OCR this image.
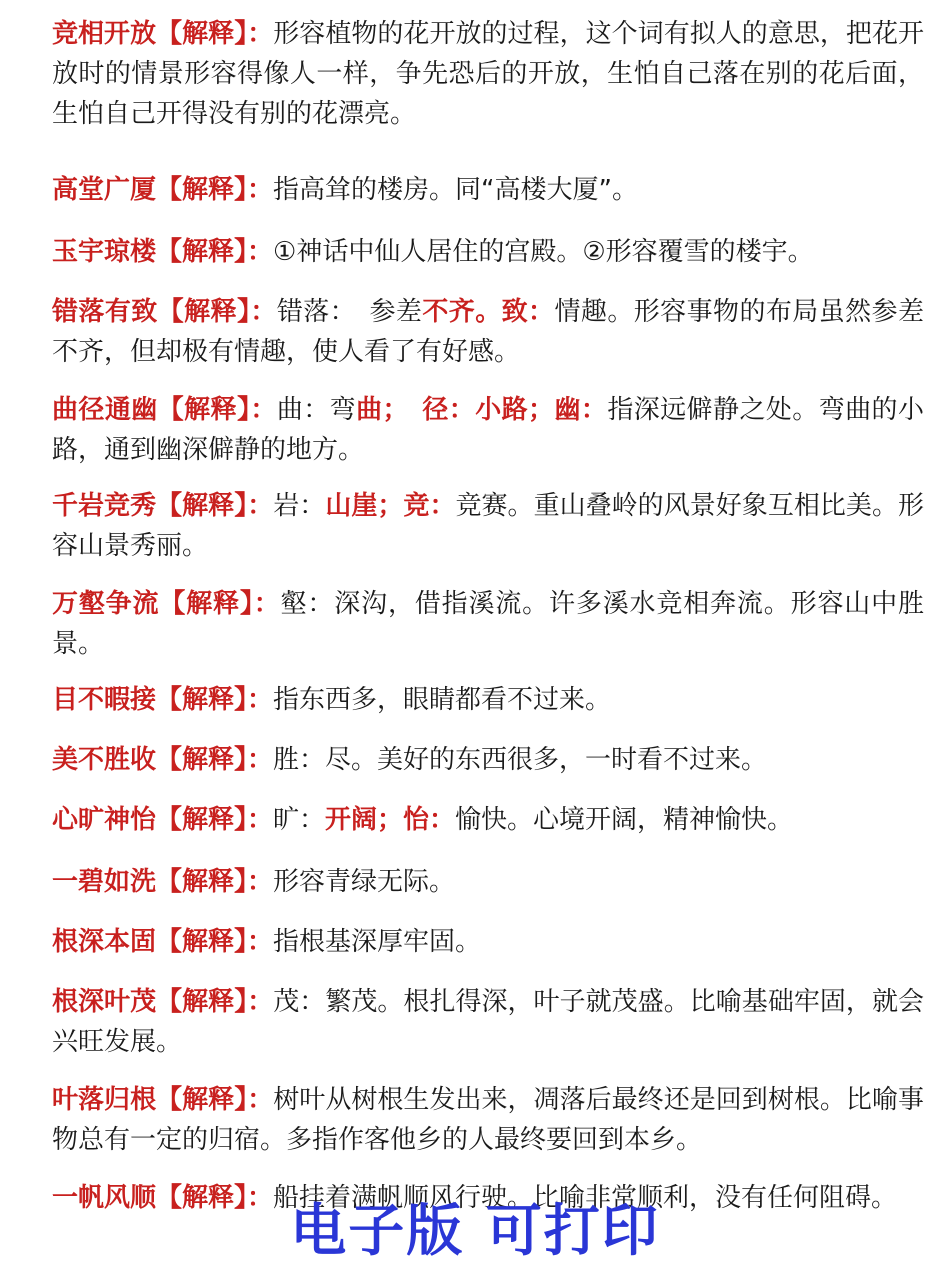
竞相开放【解释】：形容植物的花开放的过程，这个词有拟人的意思，把花开放时的情景形容得像人一样，争先恐后的开放，生怕自己落在别的花后面，生怕自己开得没有别的花漂亮。
高堂广厦【解释】：指高耸的楼房。同“高楼大厦”。
玉宇琼楼【解释】：①神话中仙人居住的宫殿。②形容覆雪的楼宇。
错落有致【解释】：错落：　参差不齐。致：情趣。形容事物的布局虽然参差不齐，但却极有情趣，使人看了有好感。
曲径通幽【解释】：曲：弯曲；　径：小路；幽：指深远僻静之处。弯曲的小路，通到幽深僻静的地方。
千岩竞秀【解释】：岩：山崖；竞：竞赛。重山叠岭的风景好象互相比美。形容山景秀丽。
万壑争流【解释】：壑：深沟，借指溪流。许多溪水竞相奔流。形容山中胜景。
目不暇接【解释】：指东西多，眼睛都看不过来。
美不胜收【解释】：胜：尽。美好的东西很多，一时看不过来。
心旷神怡【解释】：旷：开阔；怡：愉快。心境开阔，精神愉快。
一碧如洗【解释】：形容青绿无际。
根深本固【解释】：指根基深厚牢固。
根深叶茂【解释】：茂：繁茂。根扎得深，叶子就茂盛。比喻基础牢固，就会兴旺发展。
叶落归根【解释】：树叶从树根生发出来，凋落后最终还是回到树根。比喻事物总有一定的归宿。多指作客他乡的人最终要回到本乡。
一帆风顺【解释】：船挂着满帆顺风行驶。比喻非常顺利，没有任何阻碍。
电子版 可打印
